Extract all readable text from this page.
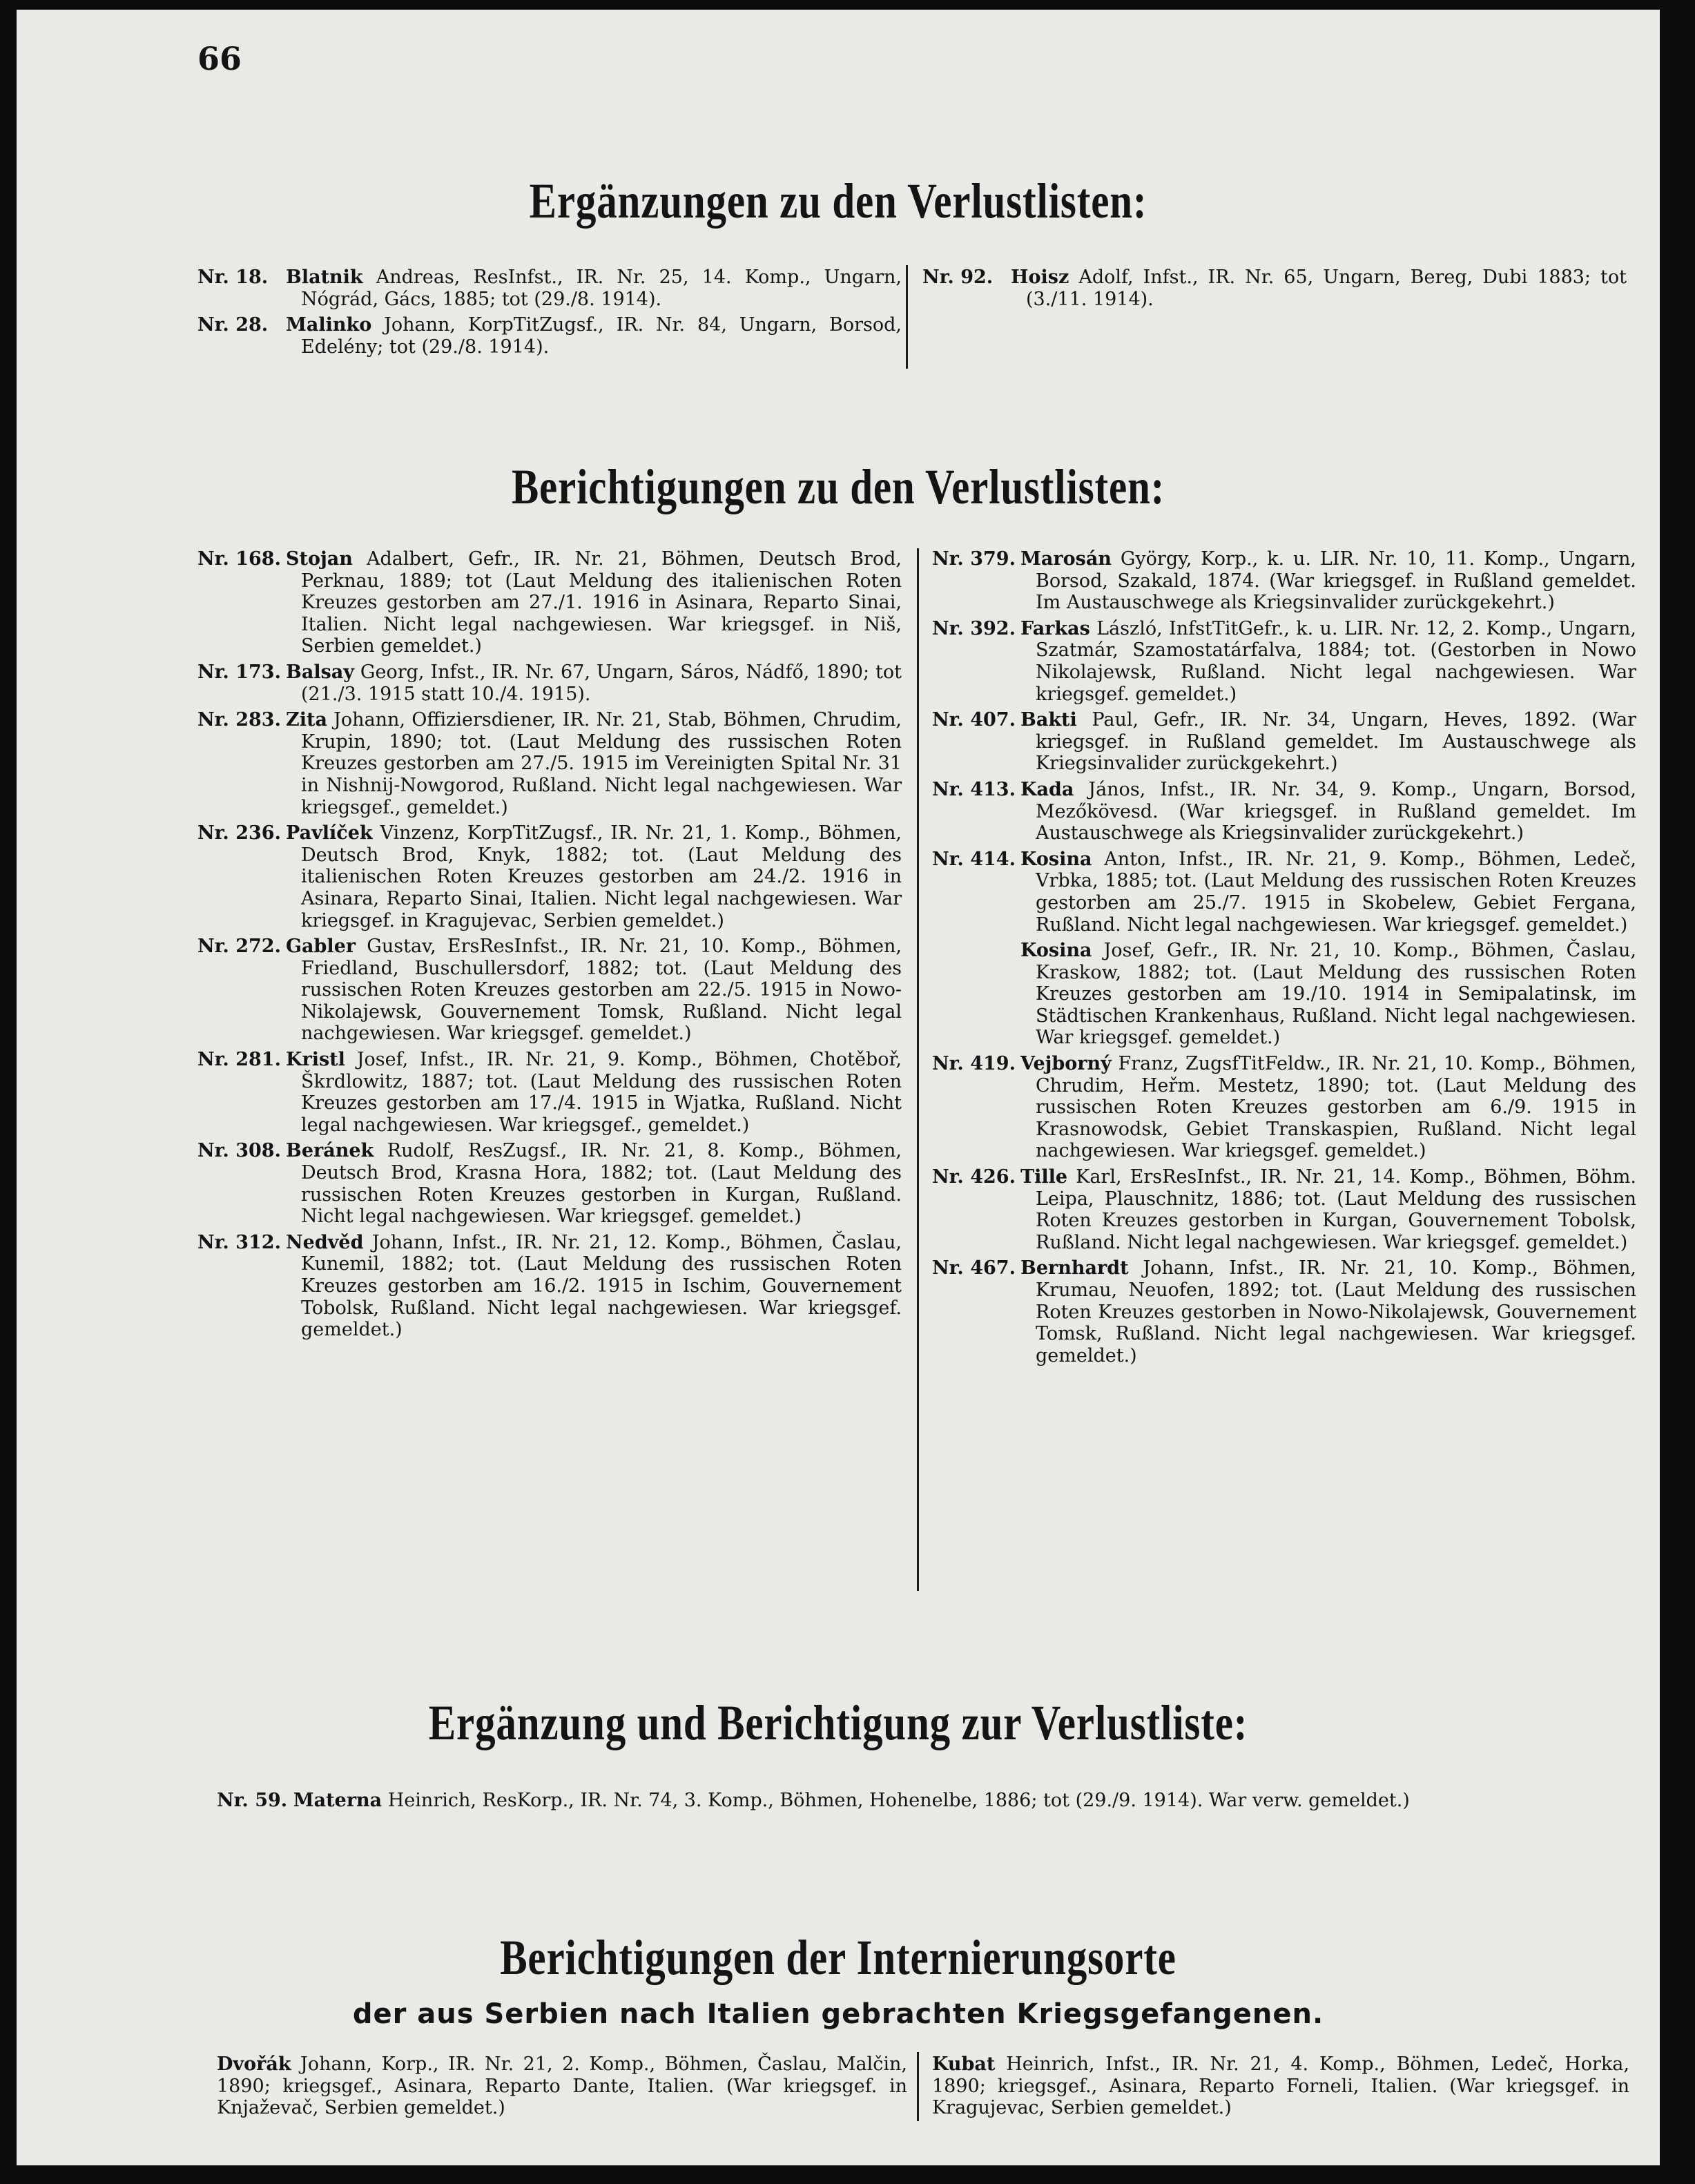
66
Ergänzungen zu den Verlustlisten:
Nr. 18. Blatnik Andreas, ResInfst., IR. Nr. 25, 14. Komp., Ungarn, Nógrád, Gács, 1885; tot (29./8. 1914).
Nr. 28. Malinko Johann, KorpTitZugsf., IR. Nr. 84, Ungarn, Borsod, Edelény; tot (29./8. 1914).
Nr. 92. Hoisz Adolf, Infst., IR. Nr. 65, Ungarn, Bereg, Dubi 1883; tot (3./11. 1914).
Berichtigungen zu den Verlustlisten:
Nr. 168. Stojan Adalbert, Gefr., IR. Nr. 21, Böhmen, Deutsch Brod, Perknau, 1889; tot (Laut Meldung des italienischen Roten Kreuzes gestorben am 27./1. 1916 in Asinara, Reparto Sinai, Italien. Nicht legal nachgewiesen. War kriegsgef. in Niš, Serbien gemeldet.)
Nr. 173. Balsay Georg, Infst., IR. Nr. 67, Ungarn, Sáros, Nádfő, 1890; tot (21./3. 1915 statt 10./4. 1915).
Nr. 283. Zita Johann, Offiziersdiener, IR. Nr. 21, Stab, Böhmen, Chrudim, Krupin, 1890; tot. (Laut Meldung des russischen Roten Kreuzes gestorben am 27./5. 1915 im Vereinigten Spital Nr. 31 in Nishnij-Nowgorod, Rußland. Nicht legal nachgewiesen. War kriegsgef., gemeldet.)
Nr. 236. Pavlíček Vinzenz, KorpTitZugsf., IR. Nr. 21, 1. Komp., Böhmen, Deutsch Brod, Knyk, 1882; tot. (Laut Meldung des italienischen Roten Kreuzes gestorben am 24./2. 1916 in Asinara, Reparto Sinai, Italien. Nicht legal nachgewiesen. War kriegsgef. in Kragujevac, Serbien gemeldet.)
Nr. 272. Gabler Gustav, ErsResInfst., IR. Nr. 21, 10. Komp., Böhmen, Friedland, Buschullersdorf, 1882; tot. (Laut Meldung des russischen Roten Kreuzes gestorben am 22./5. 1915 in Nowo-Nikolajewsk, Gouvernement Tomsk, Rußland. Nicht legal nachgewiesen. War kriegsgef. gemeldet.)
Nr. 281. Kristl Josef, Infst., IR. Nr. 21, 9. Komp., Böhmen, Chotěboř, Škrdlowitz, 1887; tot. (Laut Meldung des russischen Roten Kreuzes gestorben am 17./4. 1915 in Wjatka, Rußland. Nicht legal nachgewiesen. War kriegsgef., gemeldet.)
Nr. 308. Beránek Rudolf, ResZugsf., IR. Nr. 21, 8. Komp., Böhmen, Deutsch Brod, Krasna Hora, 1882; tot. (Laut Meldung des russischen Roten Kreuzes gestorben in Kurgan, Rußland. Nicht legal nachgewiesen. War kriegsgef. gemeldet.)
Nr. 312. Nedvěd Johann, Infst., IR. Nr. 21, 12. Komp., Böhmen, Časlau, Kunemil, 1882; tot. (Laut Meldung des russischen Roten Kreuzes gestorben am 16./2. 1915 in Ischim, Gouvernement Tobolsk, Rußland. Nicht legal nachgewiesen. War kriegsgef. gemeldet.)
Nr. 379. Marosán György, Korp., k. u. LIR. Nr. 10, 11. Komp., Ungarn, Borsod, Szakald, 1874. (War kriegsgef. in Rußland gemeldet. Im Austauschwege als Kriegsinvalider zurückgekehrt.)
Nr. 392. Farkas László, InfstTitGefr., k. u. LIR. Nr. 12, 2. Komp., Ungarn, Szatmár, Szamostatárfalva, 1884; tot. (Gestorben in Nowo Nikolajewsk, Rußland. Nicht legal nachgewiesen. War kriegsgef. gemeldet.)
Nr. 407. Bakti Paul, Gefr., IR. Nr. 34, Ungarn, Heves, 1892. (War kriegsgef. in Rußland gemeldet. Im Austauschwege als Kriegsinvalider zurückgekehrt.)
Nr. 413. Kada János, Infst., IR. Nr. 34, 9. Komp., Ungarn, Borsod, Mezőkövesd. (War kriegsgef. in Rußland gemeldet. Im Austauschwege als Kriegsinvalider zurückgekehrt.)
Nr. 414. Kosina Anton, Infst., IR. Nr. 21, 9. Komp., Böhmen, Ledeč, Vrbka, 1885; tot. (Laut Meldung des russischen Roten Kreuzes gestorben am 25./7. 1915 in Skobelew, Gebiet Fergana, Rußland. Nicht legal nachgewiesen. War kriegsgef. gemeldet.)
Kosina Josef, Gefr., IR. Nr. 21, 10. Komp., Böhmen, Časlau, Kraskow, 1882; tot. (Laut Meldung des russischen Roten Kreuzes gestorben am 19./10. 1914 in Semipalatinsk, im Städtischen Krankenhaus, Rußland. Nicht legal nachgewiesen. War kriegsgef. gemeldet.)
Nr. 419. Vejborný Franz, ZugsfTitFeldw., IR. Nr. 21, 10. Komp., Böhmen, Chrudim, Heřm. Mestetz, 1890; tot. (Laut Meldung des russischen Roten Kreuzes gestorben am 6./9. 1915 in Krasnowodsk, Gebiet Transkaspien, Rußland. Nicht legal nachgewiesen. War kriegsgef. gemeldet.)
Nr. 426. Tille Karl, ErsResInfst., IR. Nr. 21, 14. Komp., Böhmen, Böhm. Leipa, Plauschnitz, 1886; tot. (Laut Meldung des russischen Roten Kreuzes gestorben in Kurgan, Gouvernement Tobolsk, Rußland. Nicht legal nachgewiesen. War kriegsgef. gemeldet.)
Nr. 467. Bernhardt Johann, Infst., IR. Nr. 21, 10. Komp., Böhmen, Krumau, Neuofen, 1892; tot. (Laut Meldung des russischen Roten Kreuzes gestorben in Nowo-Nikolajewsk, Gouvernement Tomsk, Rußland. Nicht legal nachgewiesen. War kriegsgef. gemeldet.)
Ergänzung und Berichtigung zur Verlustliste:
Nr. 59. Materna Heinrich, ResKorp., IR. Nr. 74, 3. Komp., Böhmen, Hohenelbe, 1886; tot (29./9. 1914). War verw. gemeldet.)
Berichtigungen der Internierungsorte
der aus Serbien nach Italien gebrachten Kriegsgefangenen.
Dvořák Johann, Korp., IR. Nr. 21, 2. Komp., Böhmen, Časlau, Malčin, 1890; kriegsgef., Asinara, Reparto Dante, Italien. (War kriegsgef. in Knjaževač, Serbien gemeldet.)
Kubat Heinrich, Infst., IR. Nr. 21, 4. Komp., Böhmen, Ledeč, Horka, 1890; kriegsgef., Asinara, Reparto Forneli, Italien. (War kriegsgef. in Kragujevac, Serbien gemeldet.)
